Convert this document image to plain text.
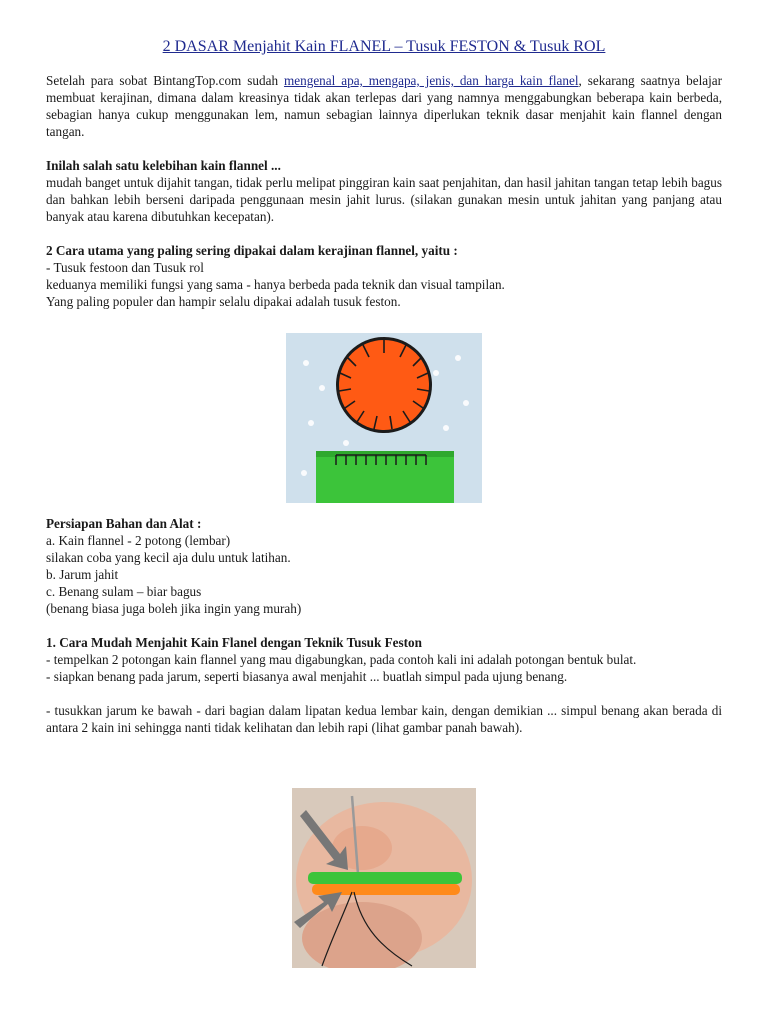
2 DASAR Menjahit Kain FLANEL – Tusuk FESTON & Tusuk ROL

Setelah para sobat BintangTop.com sudah mengenal apa, mengapa, jenis, dan harga kain flanel, sekarang saatnya belajar membuat kerajinan, dimana dalam kreasinya tidak akan terlepas dari yang namnya menggabungkan beberapa kain berbeda, sebagian hanya cukup menggunakan lem, namun sebagian lainnya diperlukan teknik dasar menjahit kain flannel dengan tangan.

Inilah salah satu kelebihan kain flannel ...

mudah banget untuk dijahit tangan, tidak perlu melipat pinggiran kain saat penjahitan, dan hasil jahitan tangan tetap lebih bagus dan bahkan lebih berseni daripada penggunaan mesin jahit lurus. (silakan gunakan mesin untuk jahitan yang panjang atau banyak atau karena dibutuhkan kecepatan).

2 Cara utama yang paling sering dipakai dalam kerajinan flannel, yaitu :

- Tusuk festoon dan Tusuk rol

keduanya memiliki fungsi yang sama - hanya berbeda pada teknik dan visual tampilan.

Yang paling populer dan hampir selalu dipakai adalah tusuk feston.

Persiapan Bahan dan Alat :

a. Kain flannel - 2 potong (lembar)

silakan coba yang kecil aja dulu untuk latihan.

b. Jarum jahit

c. Benang sulam – biar bagus

(benang biasa juga boleh jika ingin yang murah)

1. Cara Mudah Menjahit Kain Flanel dengan Teknik Tusuk Feston

- tempelkan 2 potongan kain flannel yang mau digabungkan, pada contoh kali ini adalah potongan bentuk bulat.

- siapkan benang pada jarum, seperti biasanya awal menjahit ... buatlah simpul pada ujung benang.

- tusukkan jarum ke bawah - dari bagian dalam lipatan kedua lembar kain, dengan demikian ... simpul benang akan berada di antara 2 kain ini sehingga nanti tidak kelihatan dan lebih rapi (lihat gambar panah bawah).
